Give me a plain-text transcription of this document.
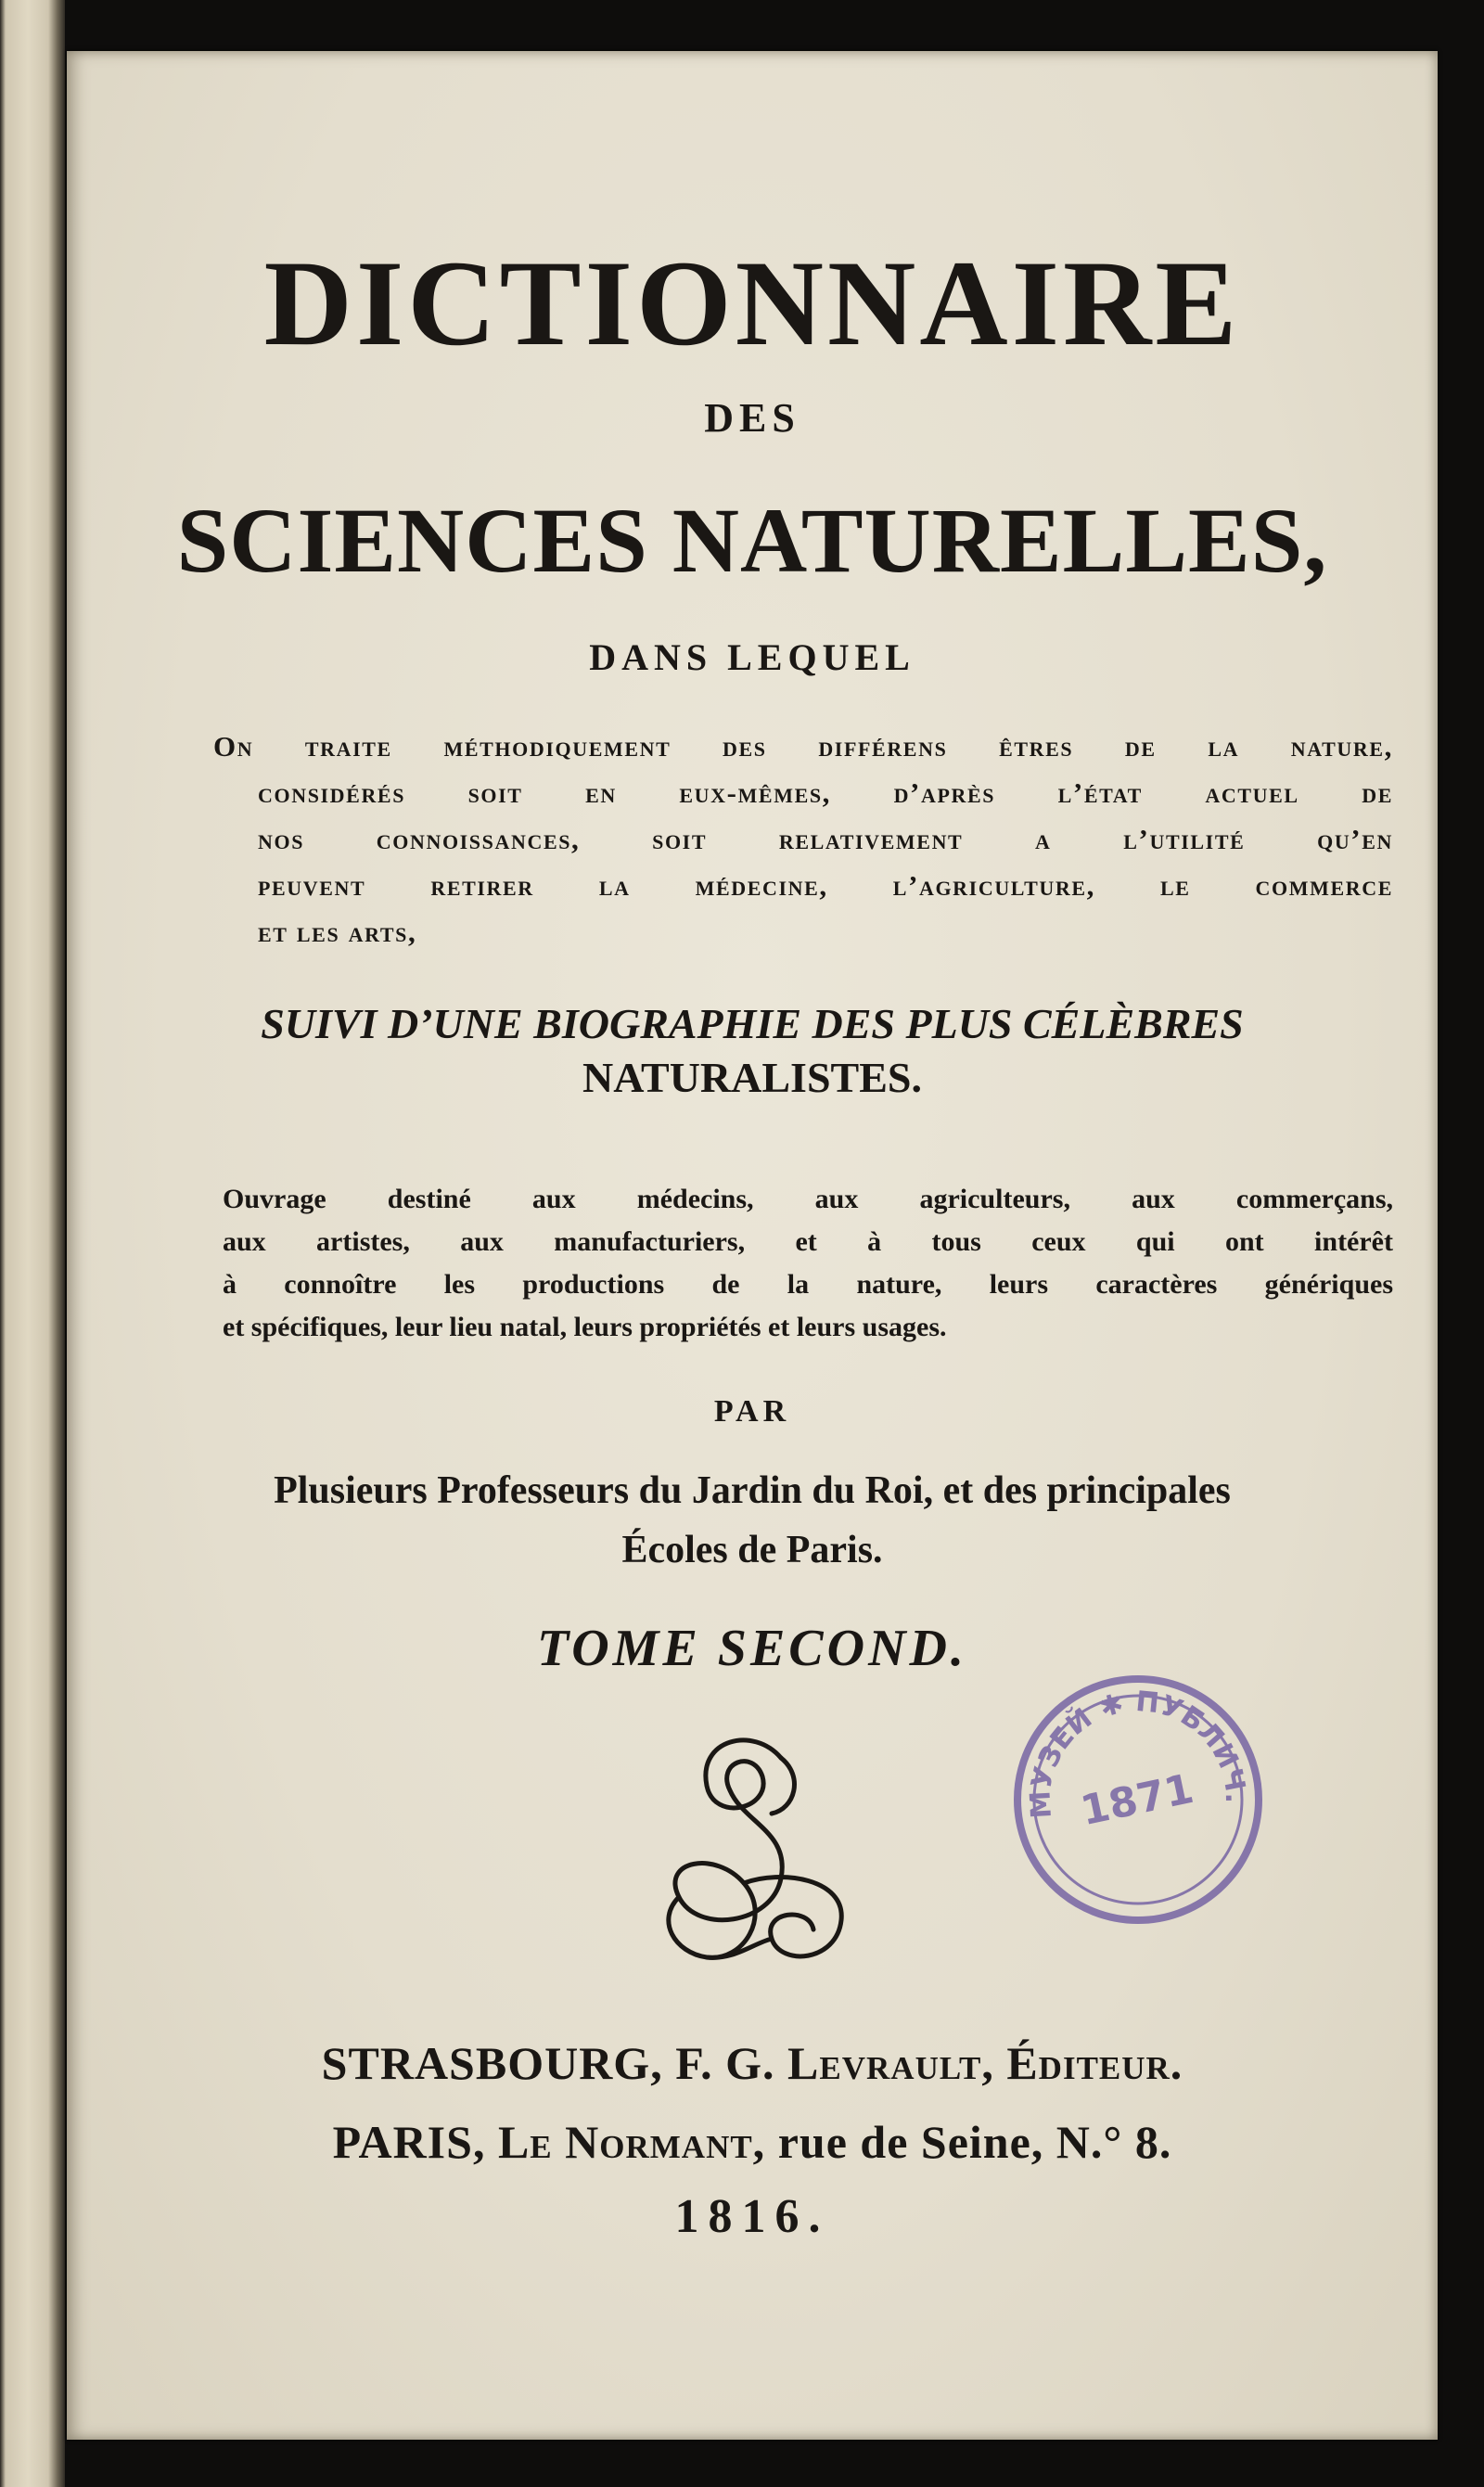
DICTIONNAIRE
DES
SCIENCES NATURELLES,
DANS LEQUEL
On traite méthodiquement des différens êtres de la nature,
considérés soit en eux-mêmes, d’après l’état actuel de
nos connoissances, soit relativement a l’utilité qu’en
peuvent retirer la médecine, l’agriculture, le commerce
et les arts,
SUIVI D’UNE BIOGRAPHIE DES PLUS CÉLÈBRES
NATURALISTES.
Ouvrage destiné aux médecins, aux agriculteurs, aux commerçans,
aux artistes, aux manufacturiers, et à tous ceux qui ont intérêt
à connoître les productions de la nature, leurs caractères génériques
et spécifiques, leur lieu natal, leurs propriétés et leurs usages.
PAR
Plusieurs Professeurs du Jardin du Roi, et des principales
Écoles de Paris.
TOME SECOND.
МУЗЕЙ ✱ ПУБЛИЧ.
1871
STRASBOURG, F. G. Levrault, Éditeur.
PARIS, Le Normant, rue de Seine, N.° 8.
1816.
